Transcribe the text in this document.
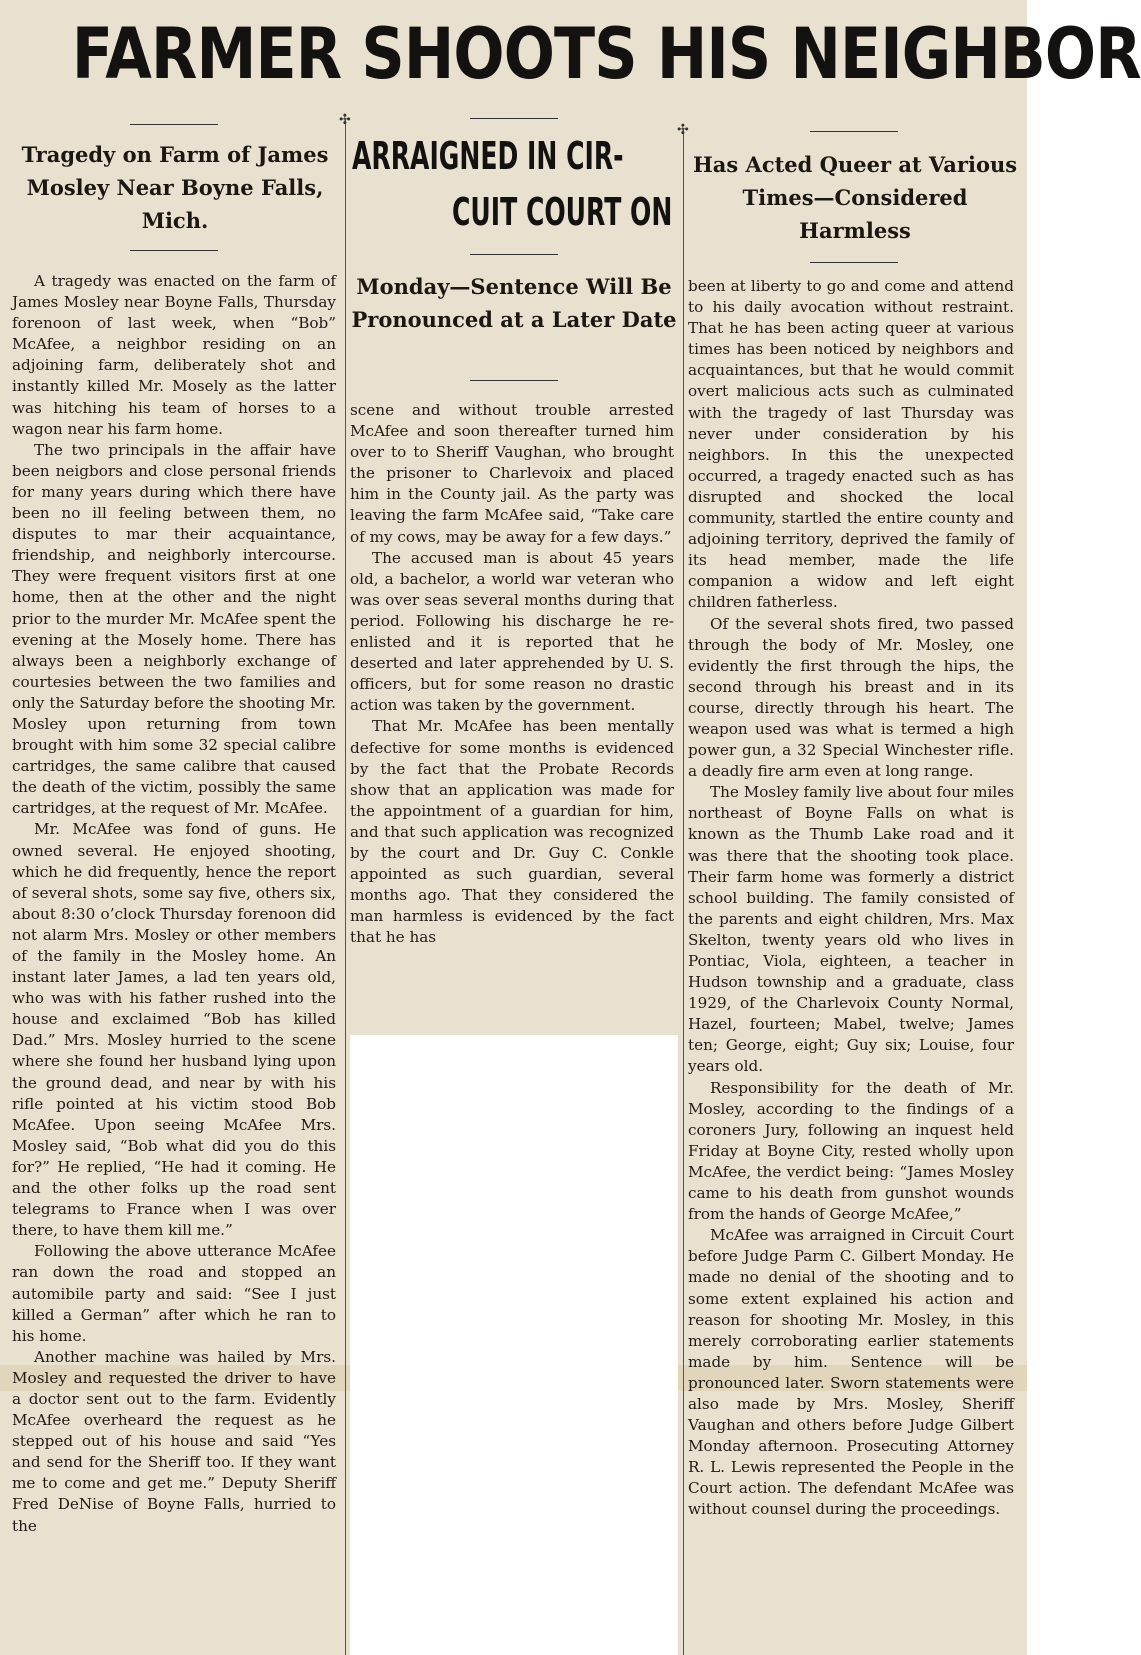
FARMER SHOOTS HIS NEIGHBOR
✣
✣
Tragedy on Farm of James Mosley Near Boyne Falls, Mich.

A tragedy was enacted on the farm of James Mosley near Boyne Falls, Thursday forenoon of last week, when “Bob” McAfee, a neighbor residing on an adjoining farm, deliberately shot and instantly killed Mr. Mosely as the latter was hitching his team of horses to a wagon near his farm home.

The two principals in the affair have been neigbors and close personal friends for many years during which there have been no ill feeling between them, no disputes to mar their acquaintance, friendship, and neighborly intercourse. They were frequent visitors first at one home, then at the other and the night prior to the murder Mr. McAfee spent the evening at the Mosely home. There has always been a neighborly exchange of courtesies between the two families and only the Saturday before the shooting Mr. Mosley upon returning from town brought with him some 32 special calibre cartridges, the same calibre that caused the death of the victim, possibly the same cartridges, at the request of Mr. McAfee.

Mr. McAfee was fond of guns. He owned several. He enjoyed shooting, which he did frequently, hence the report of several shots, some say five, others six, about 8:30 o’clock Thursday forenoon did not alarm Mrs. Mosley or other members of the family in the Mosley home. An instant later James, a lad ten years old, who was with his father rushed into the house and exclaimed “Bob has killed Dad.” Mrs. Mosley hurried to the scene where she found her husband lying upon the ground dead, and near by with his rifle pointed at his victim stood Bob McAfee. Upon seeing McAfee Mrs. Mosley said, “Bob what did you do this for?” He replied, “He had it coming. He and the other folks up the road sent telegrams to France when I was over there, to have them kill me.”

Following the above utterance McAfee ran down the road and stopped an automibile party and said: “See I just killed a German” after which he ran to his home.

Another machine was hailed by Mrs. Mosley and requested the driver to have a doctor sent out to the farm. Evidently McAfee overheard the request as he stepped out of his house and said “Yes and send for the Sheriff too. If they want me to come and get me.” Deputy Sheriff Fred DeNise of Boyne Falls, hurried to the

ARRAIGNED IN CIR-
CUIT COURT ON
Monday—Sentence Will Be Pronounced at a Later Date

scene and without trouble arrested McAfee and soon thereafter turned him over to to Sheriff Vaughan, who brought the prisoner to Charlevoix and placed him in the County jail. As the party was leaving the farm McAfee said, “Take care of my cows, may be away for a few days.”

The accused man is about 45 years old, a bachelor, a world war veteran who was over seas several months during that period. Following his discharge he re-enlisted and it is reported that he deserted and later apprehended by U. S. officers, but for some reason no drastic action was taken by the government.

That Mr. McAfee has been mentally defective for some months is evidenced by the fact that the Probate Records show that an application was made for the appointment of a guardian for him, and that such application was recognized by the court and Dr. Guy C. Conkle appointed as such guardian, several months ago. That they considered the man harmless is evidenced by the fact that he has

Has Acted Queer at Various Times—Considered Harmless

been at liberty to go and come and attend to his daily avocation without restraint. That he has been acting queer at various times has been noticed by neighbors and acquaintances, but that he would commit overt malicious acts such as culminated with the tragedy of last Thursday was never under consideration by his neighbors. In this the unexpected occurred, a tragedy enacted such as has disrupted and shocked the local community, startled the entire county and adjoining territory, deprived the family of its head member, made the life companion a widow and left eight children fatherless.

Of the several shots fired, two passed through the body of Mr. Mosley, one evidently the first through the hips, the second through his breast and in its course, directly through his heart. The weapon used was what is termed a high power gun, a 32 Special Winchester rifle. a deadly fire arm even at long range.

The Mosley family live about four miles northeast of Boyne Falls on what is known as the Thumb Lake road and it was there that the shooting took place. Their farm home was formerly a district school building. The family consisted of the parents and eight children, Mrs. Max Skelton, twenty years old who lives in Pontiac, Viola, eighteen, a teacher in Hudson township and a graduate, class 1929, of the Charlevoix County Normal, Hazel, fourteen; Mabel, twelve; James ten; George, eight; Guy six; Louise, four years old.

Responsibility for the death of Mr. Mosley, according to the findings of a coroners Jury, following an inquest held Friday at Boyne City, rested wholly upon McAfee, the verdict being: “James Mosley came to his death from gunshot wounds from the hands of George McAfee,”

McAfee was arraigned in Circuit Court before Judge Parm C. Gilbert Monday. He made no denial of the shooting and to some extent explained his action and reason for shooting Mr. Mosley, in this merely corroborating earlier statements made by him. Sentence will be pronounced later. Sworn statements were also made by Mrs. Mosley, Sheriff Vaughan and others before Judge Gilbert Monday afternoon. Prosecuting Attorney R. L. Lewis represented the People in the Court action. The defendant McAfee was without counsel during the proceedings.
